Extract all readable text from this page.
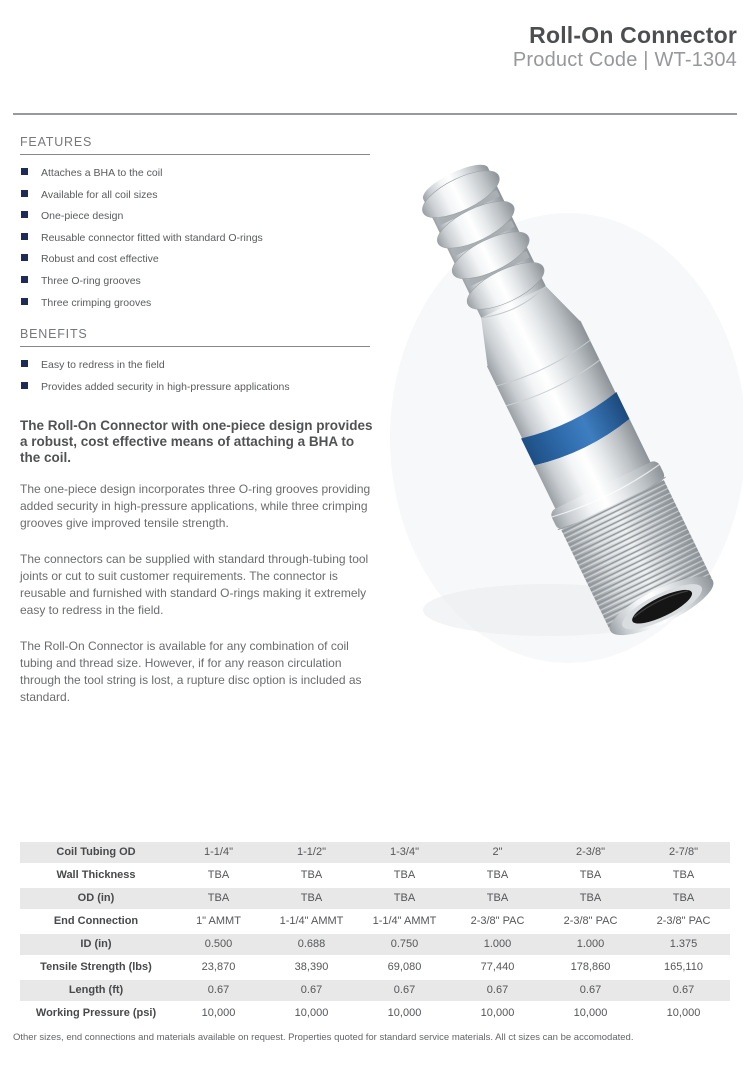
Roll-On Connector
Product Code | WT-1304
FEATURES
Attaches a BHA to the coil
Available for all coil sizes
One-piece design
Reusable connector fitted with standard O-rings
Robust and cost effective
Three O-ring grooves
Three crimping grooves
BENEFITS
Easy to redress in the field
Provides added security in high-pressure applications
The Roll-On Connector with one-piece design provides a robust, cost effective means of attaching a BHA to the coil.

The one-piece design incorporates three O-ring grooves providing added security in high-pressure applications, while three crimping grooves give improved tensile strength.

The connectors can be supplied with standard through-tubing tool joints or cut to suit customer requirements. The connector is reusable and furnished with standard O-rings making it extremely easy to redress in the field.

The Roll-On Connector is available for any combination of coil tubing and thread size. However, if for any reason circulation through the tool string is lost, a rupture disc option is included as standard.

Coil Tubing OD	1-1/4"	1-1/2"	1-3/4"	2"	2-3/8"	2-7/8"
Wall Thickness	TBA	TBA	TBA	TBA	TBA	TBA
OD (in)	TBA	TBA	TBA	TBA	TBA	TBA
End Connection	1" AMMT	1-1/4" AMMT	1-1/4" AMMT	2-3/8" PAC	2-3/8" PAC	2-3/8" PAC
ID (in)	0.500	0.688	0.750	1.000	1.000	1.375
Tensile Strength (lbs)	23,870	38,390	69,080	77,440	178,860	165,110
Length (ft)	0.67	0.67	0.67	0.67	0.67	0.67
Working Pressure (psi)	10,000	10,000	10,000	10,000	10,000	10,000
Other sizes, end connections and materials available on request. Properties quoted for standard service materials. All ct sizes can be accomodated.
